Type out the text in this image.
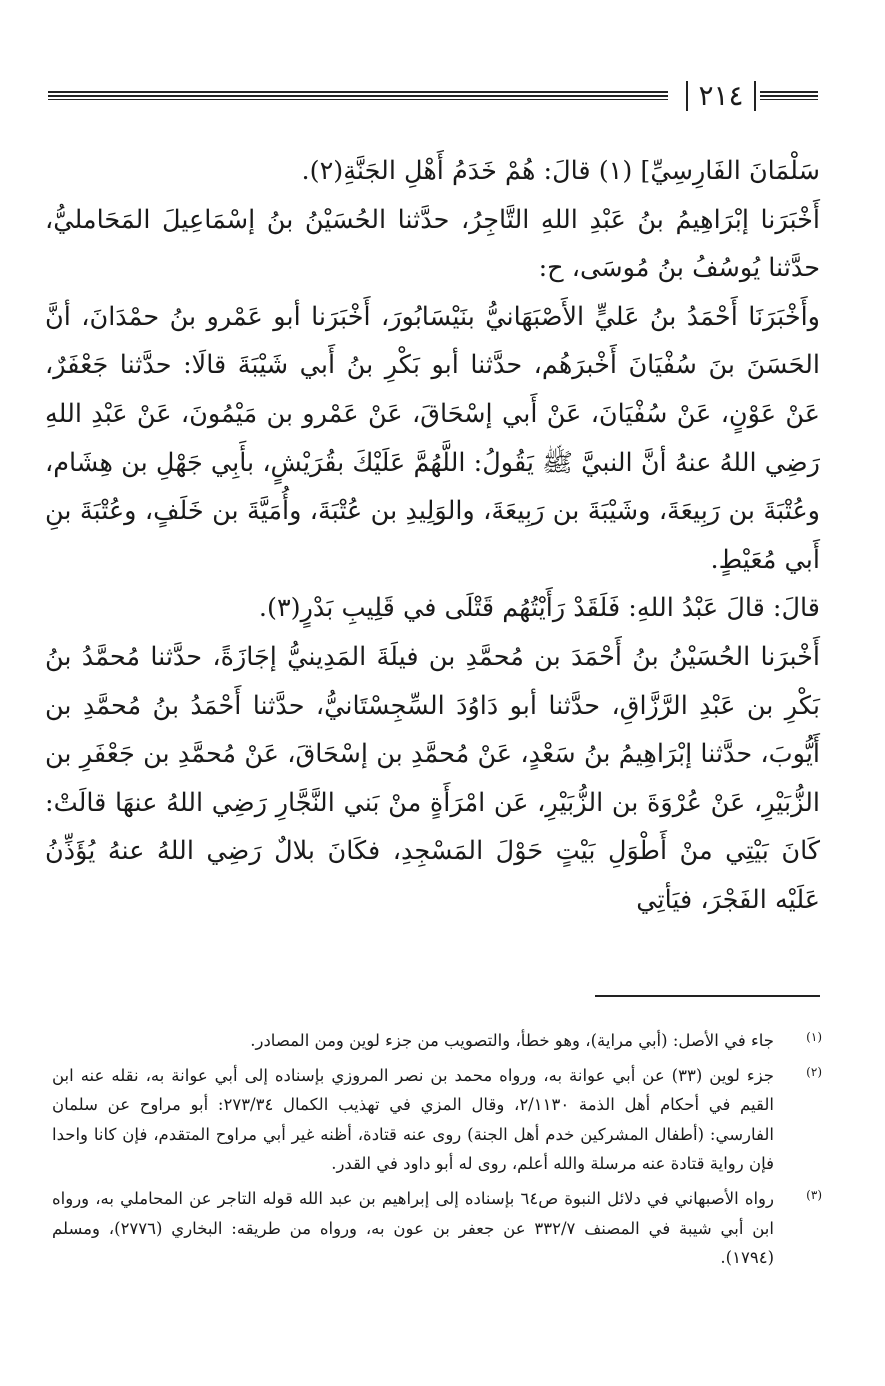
٢١٤

سَلْمَانَ الفَارِسِيِّ] (١) قالَ: هُمْ خَدَمُ أَهْلِ الجَنَّةِ(٢).

أَخْبَرَنا إبْرَاهِيمُ بنُ عَبْدِ اللهِ التَّاجِرُ، حدَّثنا الحُسَيْنُ بنُ إسْمَاعِيلَ المَحَامليُّ، حدَّثنا يُوسُفُ بنُ مُوسَى، ح:

وأَخْبَرَنَا أَحْمَدُ بنُ عَليٍّ الأَصْبَهَانيُّ بنَيْسَابُورَ، أَخْبَرَنا أبو عَمْرو بنُ حمْدَانَ، أنَّ الحَسَنَ بنَ سُفْيَانَ أَخْبرَهُم، حدَّثنا أبو بَكْرِ بنُ أَبي شَيْبَةَ قالَا: حدَّثنا جَعْفَرٌ، عَنْ عَوْنٍ، عَنْ سُفْيَانَ، عَنْ أَبي إسْحَاقَ، عَنْ عَمْرو بن مَيْمُونَ، عَنْ عَبْدِ اللهِ رَضِي اللهُ عنهُ أنَّ النبيَّ ﷺ يَقُولُ: اللَّهُمَّ عَلَيْكَ بقُرَيْشٍ، بأَبِي جَهْلِ بن هِشَام، وعُتْبَةَ بن رَبِيعَةَ، وشَيْبَةَ بن رَبِيعَةَ، والوَلِيدِ بن عُتْبَةَ، وأُمَيَّةَ بن خَلَفٍ، وعُتْبَةَ بنِ أَبي مُعَيْطٍ.

قالَ: قالَ عَبْدُ اللهِ: فَلَقَدْ رَأَيْتُهُم قَتْلَى في قَلِيبِ بَدْرٍ(٣).

أَخْبرَنا الحُسَيْنُ بنُ أَحْمَدَ بن مُحمَّدِ بن فيلَةَ المَدِينيُّ إجَازَةً، حدَّثنا مُحمَّدُ بنُ بَكْرِ بن عَبْدِ الرَّزَّاقِ، حدَّثنا أبو دَاوُدَ السِّجِسْتَانيُّ، حدَّثنا أَحْمَدُ بنُ مُحمَّدِ بن أَيُّوبَ، حدَّثنا إبْرَاهِيمُ بنُ سَعْدٍ، عَنْ مُحمَّدِ بن إسْحَاقَ، عَنْ مُحمَّدِ بن جَعْفَرِ بن الزُّبَيْرِ، عَنْ عُرْوَةَ بن الزُّبَيْرِ، عَن امْرَأَةٍ منْ بَني النَّجَّارِ رَضِي اللهُ عنهَا قالَتْ: كَانَ بَيْتِي منْ أَطْوَلِ بَيْتٍ حَوْلَ المَسْجِدِ، فكَانَ بلالٌ رَضِي اللهُ عنهُ يُؤَذِّنُ عَلَيْه الفَجْرَ، فيَأتِي

(١)
جاء في الأصل: (أبي مراية)، وهو خطأ، والتصويب من جزء لوين ومن المصادر.
(٢)
جزء لوين (٣٣) عن أبي عوانة به، ورواه محمد بن نصر المروزي بإسناده إلى أبي عوانة به، نقله عنه ابن القيم في أحكام أهل الذمة ٢/١١٣٠، وقال المزي في تهذيب الكمال ٢٧٣/٣٤: أبو مراوح عن سلمان الفارسي: (أطفال المشركين خدم أهل الجنة) روى عنه قتادة، أظنه غير أبي مراوح المتقدم، فإن كانا واحدا فإن رواية قتادة عنه مرسلة والله أعلم، روى له أبو داود في القدر.
(٣)
رواه الأصبهاني في دلائل النبوة ص٦٤ بإسناده إلى إبراهيم بن عبد الله قوله التاجر عن المحاملي به، ورواه ابن أبي شيبة في المصنف ٣٣٢/٧ عن جعفر بن عون به، ورواه من طريقه: البخاري (٢٧٧٦)، ومسلم (١٧٩٤).
